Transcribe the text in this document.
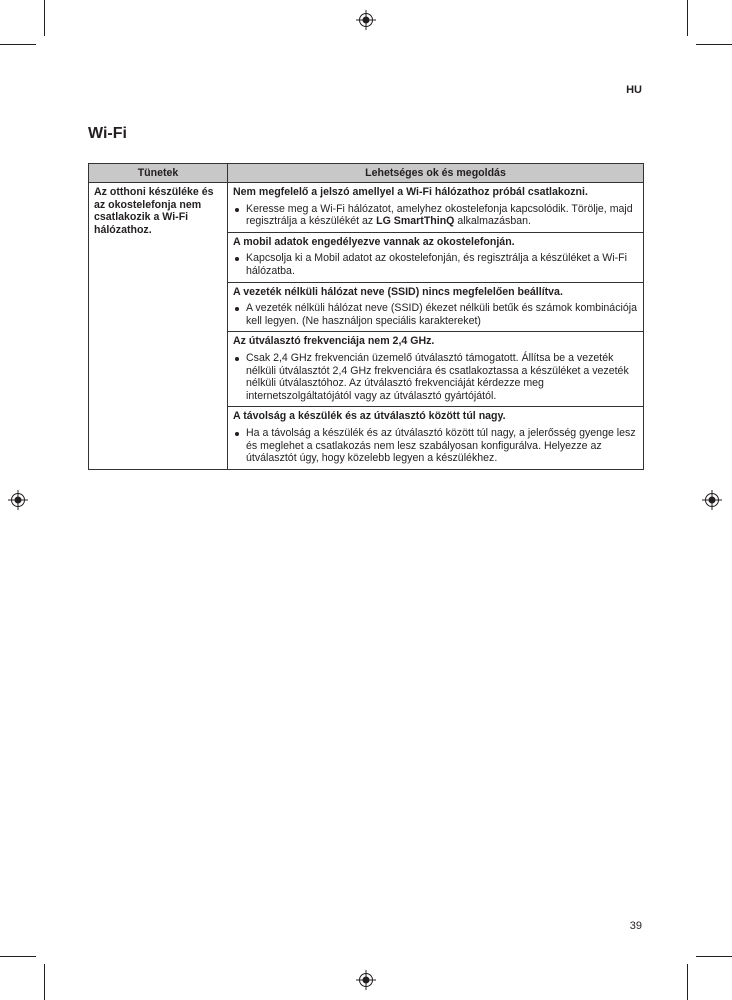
HU
Wi-Fi
Tünetek	Lehetséges ok és megoldás
Az otthoni készüléke és az okostelefonja nem csatlakozik a Wi-Fi hálózathoz.	Nem megfelelő a jelszó amellyel a Wi-Fi hálózathoz próbál csatlakozni.
Keresse meg a Wi-Fi hálózatot, amelyhez okostelefonja kapcsolódik. Törölje, majd regisztrálja a készülékét az LG SmartThinQ alkalmazásban.

	A mobil adatok engedélyezve vannak az okostelefonján.
Kapcsolja ki a Mobil adatot az okostelefonján, és regisztrálja a készüléket a Wi-Fi hálózatba.

	A vezeték nélküli hálózat neve (SSID) nincs megfelelően beállítva.
A vezeték nélküli hálózat neve (SSID) ékezet nélküli betűk és számok kombinációja kell legyen. (Ne használjon speciális karaktereket)

	Az útválasztó frekvenciája nem 2,4 GHz.
Csak 2,4 GHz frekvencián üzemelő útválasztó támogatott. Állítsa be a vezeték nélküli útválasztót 2,4 GHz frekvenciára és csatlakoztassa a készüléket a vezeték nélküli útválasztóhoz. Az útválasztó frekvenciáját kérdezze meg internetszolgáltatójától vagy az útválasztó gyártójától.

	A távolság a készülék és az útválasztó között túl nagy.
Ha a távolság a készülék és az útválasztó között túl nagy, a jelerősség gyenge lesz és meglehet a csatlakozás nem lesz szabályosan konfigurálva. Helyezze az útválasztót úgy, hogy közelebb legyen a készülékhez.
39
